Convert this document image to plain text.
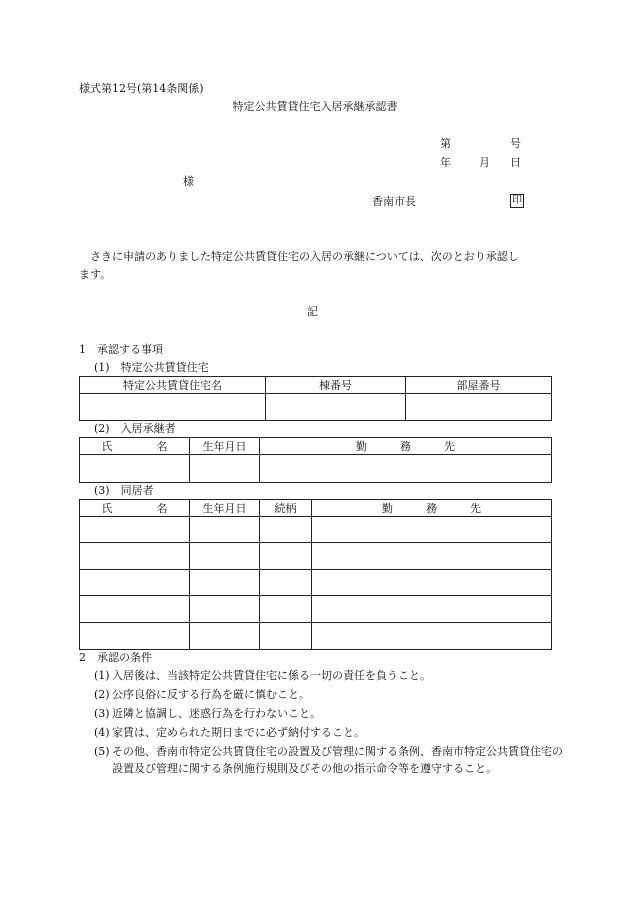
様式第12号(第14条関係)
特定公共賃貸住宅入居承継承認書
第	号
年	月 日
様
香南市長	印
さきに申請のありました特定公共賃貸住宅の入居の承継については、次のとおり承認し
ます。
記
1　承認する事項
(1)　特定公共賃貸住宅
特定公共賃貸住宅名	棟番号	部屋番号

(2)　入居承継者
氏　　　　名	生年月日	勤　　　務　　　先

(3)　同居者
氏　　　　名	生年月日	続柄	勤　　　務　　　先

2　承認の条件
(1) 入居後は、当該特定公共賃貸住宅に係る一切の責任を負うこと。
(2) 公序良俗に反する行為を厳に慎むこと。
(3) 近隣と協調し、迷惑行為を行わないこと。
(4) 家賃は、定められた期日までに必ず納付すること。
(5) その他、香南市特定公共賃貸住宅の設置及び管理に関する条例、香南市特定公共賃貸住宅の設置及び管理に関する条例施行規則及びその他の指示命令等を遵守すること。
